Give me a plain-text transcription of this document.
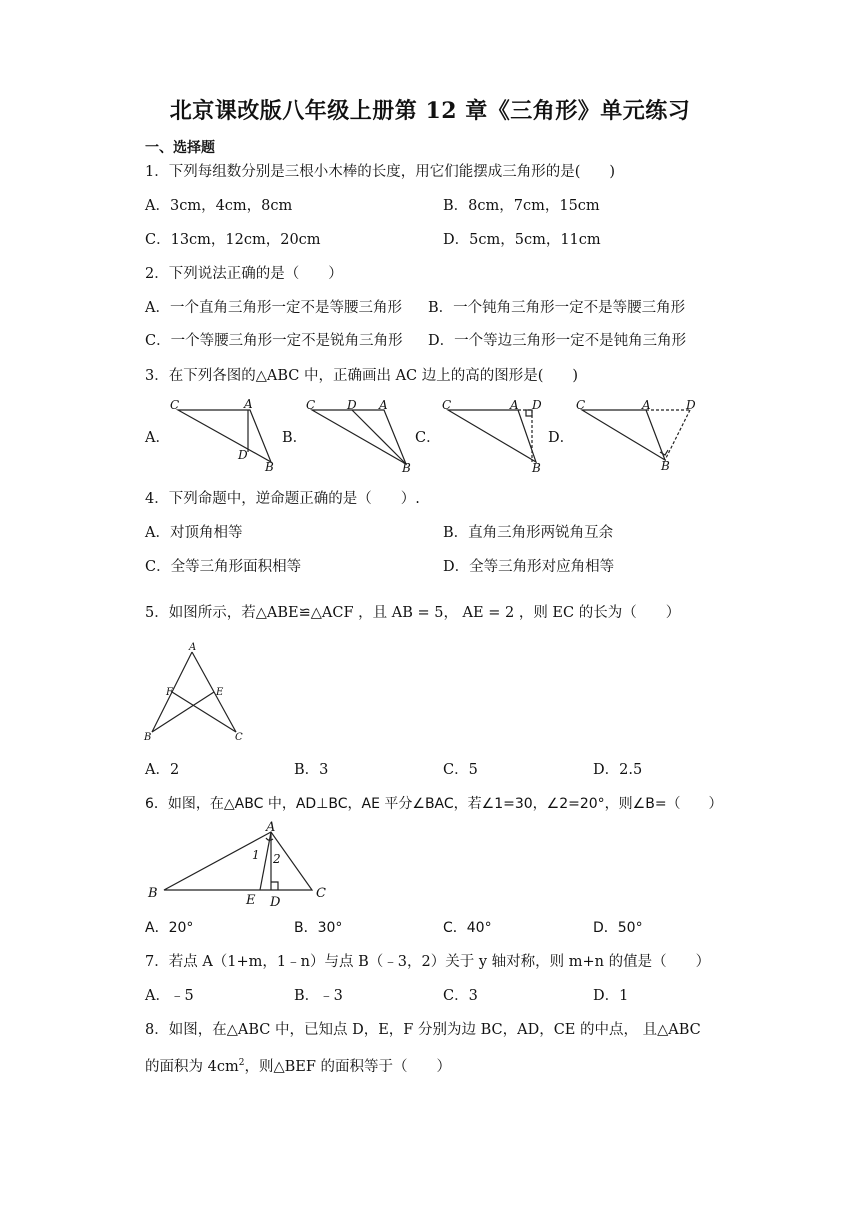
北京课改版八年级上册第 12 章《三角形》单元练习
一、选择题
1．下列每组数分别是三根小木棒的长度，用它们能摆成三角形的是(　　)
A．3cm，4cm，8cm	B．8cm，7cm，15cm
C．13cm，12cm，20cm	D．5cm，5cm，11cm
2．下列说法正确的是（　　）
A．一个直角三角形一定不是等腰三角形 B．一个钝角三角形一定不是等腰三角形
C．一个等腰三角形一定不是锐角三角形 D．一个等边三角形一定不是钝角三角形
3．在下列各图的△ABC 中，正确画出 AC 边上的高的图形是(　　)
A．
C	A
D
B
B．
C	D A
B
C．
C	A D
B
D．
C	A	D
B
4．下列命题中，逆命题正确的是（　　）.
A．对顶角相等	B．直角三角形两锐角互余
C．全等三角形面积相等	D．全等三角形对应角相等
5．如图所示，若△ABE≌△ACF ，且 AB = 5， AE = 2 ，则 EC 的长为（　　）
A
F	E
B	C
A．2	B．3	C．5	D．2.5
6．如图，在△ABC 中，AD⊥BC，AE 平分∠BAC，若∠1=30，∠2=20°，则∠B=（　　）
A
B	C
E D
1 2
A．20°	B．30°	C．40°	D．50°
7．若点 A（1+m，1﹣n）与点 B（﹣3，2）关于 y 轴对称，则 m+n 的值是（　　）
A．﹣5	B．﹣3	C．3	D．1
8．如图，在△ABC 中，已知点 D，E，F 分别为边 BC，AD，CE 的中点， 且△ABC
的面积为 $4cm^2$，则△BEF 的面积等于（　　）
